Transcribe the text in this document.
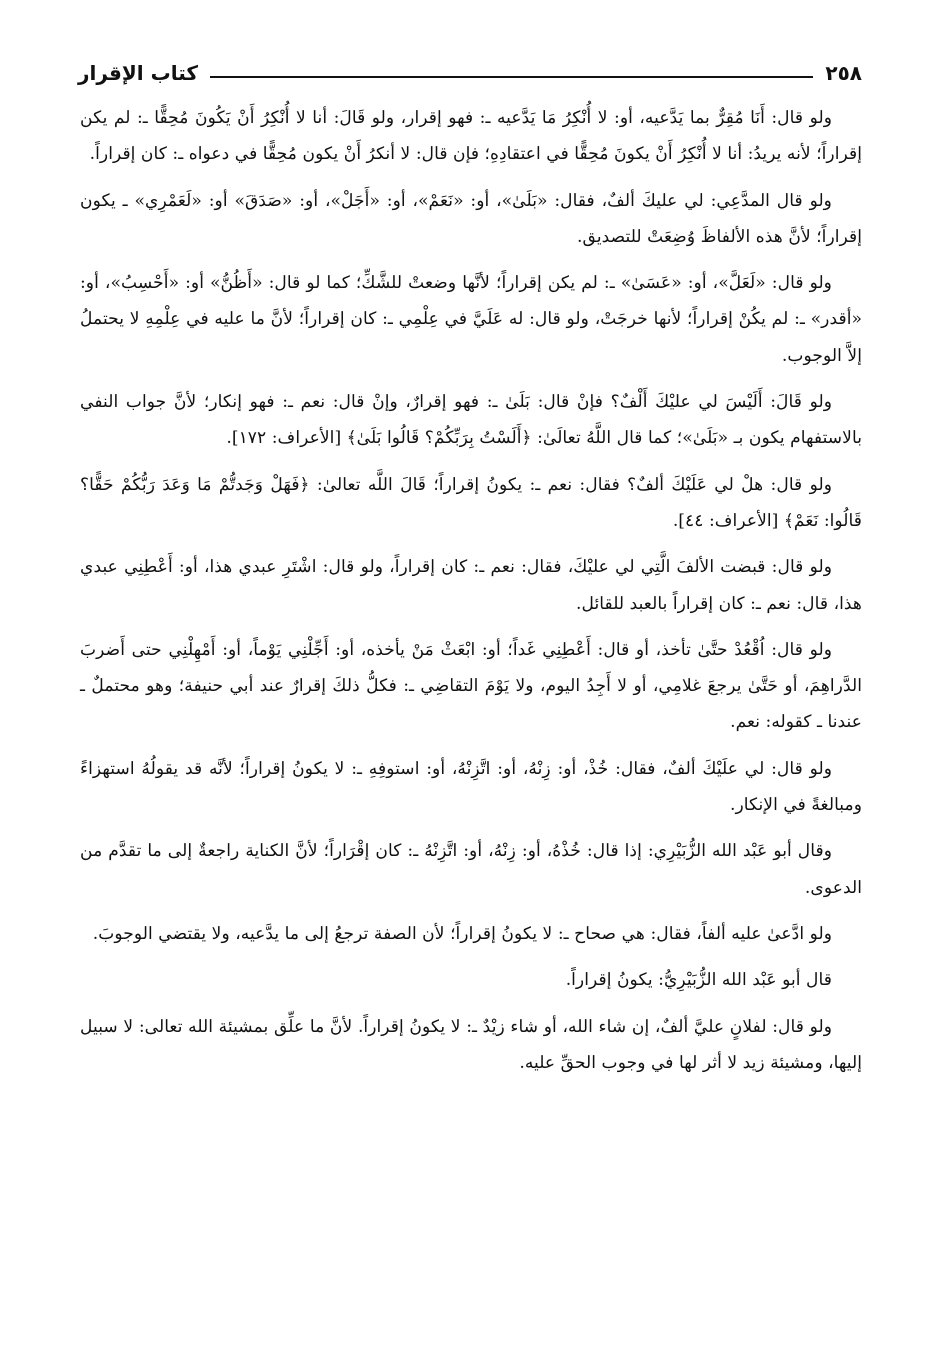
٢٥٨
كتاب الإقرار

ولو قال: أَنَا مُقِرٌّ بما يَدَّعيه، أو: لا أُنْكِرُ مَا يَدَّعيه ـ: فهو إقرار، ولو قَالَ: أنا لا أُنْكِرُ أَنْ يَكُونَ مُحِقًّا ـ: لم يكن إقراراً؛ لأنه يريدُ: أنا لا أُنْكِرُ أَنْ يكونَ مُحِقًّا في اعتقادِهِ؛ فإن قال: لا أنكرُ أَنْ يكون مُحِقًّا في دعواه ـ: كان إقراراً.

ولو قال المدَّعِي: لي عليكَ ألفٌ، فقال: «بَلَىٰ»، أو: «نَعَمْ»، أو: «أَجَلْ»، أو: «صَدَقَ» أو: «لَعَمْرِي» ـ يكون إقراراً؛ لأنَّ هذه الألفاظَ وُضِعَتْ للتصديق.

ولو قال: «لَعَلَّ»، أو: «عَسَىٰ» ـ: لم يكن إقراراً؛ لأنَّها وضعتْ للشَّكِّ؛ كما لو قال: «أَظُنُّ» أو: «أَحْسِبُ»، أو: «أقدر» ـ: لم يكُنْ إقراراً؛ لأنها خرجَتْ، ولو قال: له عَلَيَّ في عِلْمِي ـ: كان إقراراً؛ لأنَّ ما عليه في عِلْمِهِ لا يحتملُ إلاَّ الوجوب.

ولو قَالَ: أَلَيْسَ لي عليْكَ أَلْفٌ؟ فإنْ قال: بَلَىٰ ـ: فهو إقرارٌ، وإنْ قال: نعم ـ: فهو إنكار؛ لأنَّ جواب النفي بالاستفهام يكون بـ «بَلَىٰ»؛ كما قال اللَّهُ تعالَىٰ: ﴿أَلَسْتُ بِرَبِّكُمْ؟ قَالُوا بَلَىٰ﴾ [الأعراف: ١٧٢].

ولو قال: هلْ لي عَلَيْكَ ألفٌ؟ فقال: نعم ـ: يكونُ إقراراً؛ قَالَ اللَّه تعالىٰ: ﴿فَهَلْ وَجَدتُّمْ مَا وَعَدَ رَبُّكُمْ حَقًّا؟ قَالُوا: نَعَمْ﴾ [الأعراف: ٤٤].

ولو قال: قبضت الألفَ الَّتِي لي عليْكَ، فقال: نعم ـ: كان إقراراً، ولو قال: اشْتَرِ عبدي هذا، أو: أَعْطِنِي عبدي هذا، قال: نعم ـ: كان إقراراً بالعبد للقائل.

ولو قال: اُقْعُدْ حتَّىٰ تأخذ، أو قال: أَعْطِنِي غَداً؛ أو: ابْعَثْ مَنْ يأخذه، أو: أَجِّلْنِي يَوْماً، أو: أَمْهِلْنِي حتى أَضربَ الدَّراهِمَ، أو حَتَّىٰ يرجعَ غلامِي، أو لا أَجِدُ اليوم، ولا يَوْمَ التقاضِي ـ: فكلُّ ذلكَ إقرارٌ عند أبي حنيفة؛ وهو محتملٌ ـ عندنا ـ كقوله: نعم.

ولو قال: لي علَيْكَ ألفٌ، فقال: خُذْ، أو: زِنْهُ، أو: اتَّزِنْهُ، أو: استوفِهِ ـ: لا يكونُ إقراراً؛ لأنَّه قد يقولُهُ استهزاءً ومبالغةً في الإنكار.

وقال أبو عَبْد الله الزُّبَيْرِي: إذا قال: خُذْهُ، أو: زِنْهُ، أو: اتَّزِنْهُ ـ: كان إقْرَاراً؛ لأنَّ الكناية راجعةٌ إلى ما تقدَّم من الدعوى.

ولو ادَّعىٰ عليه ألفاً، فقال: هي صحاح ـ: لا يكونُ إقراراً؛ لأن الصفة ترجعُ إلى ما يدَّعيه، ولا يقتضي الوجوبَ.

قال أبو عَبْد الله الزُّبَيْرِيُّ: يكونُ إقراراً.

ولو قال: لفلانٍ عليَّ ألفٌ، إن شاء الله، أو شاء زيْدٌ ـ: لا يكونُ إقراراً. لأنَّ ما علِّق بمشيئة الله تعالى: لا سبيل إليها، ومشيئة زيد لا أثر لها في وجوب الحقِّ عليه.
